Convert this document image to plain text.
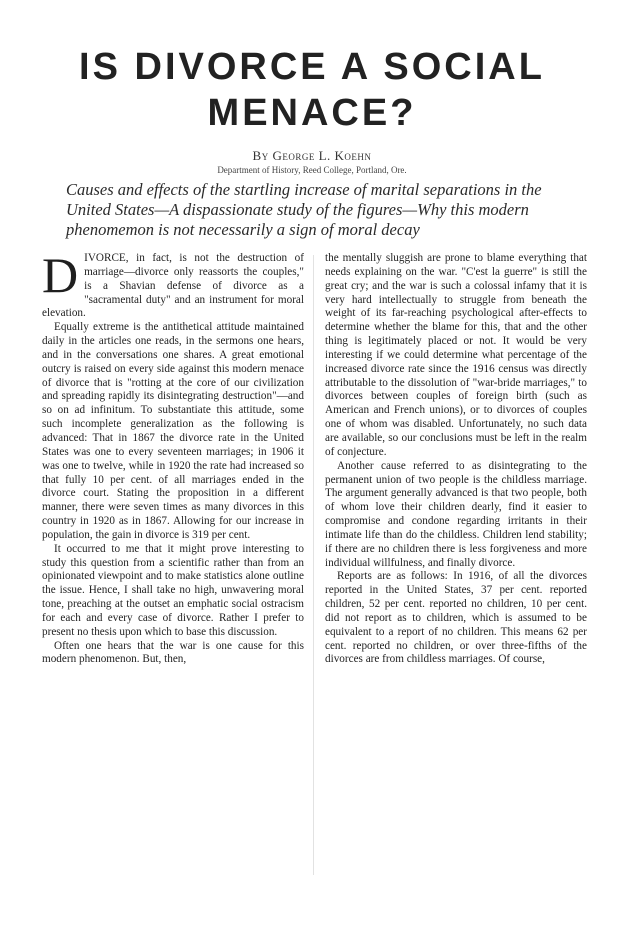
IS DIVORCE A SOCIAL
MENACE?
By George L. Koehn
Department of History, Reed College, Portland, Ore.
Causes and effects of the startling increase of marital separations in the United States—A dispassionate study of the figures—Why this modern phenomemon is not necessarily a sign of moral decay

DIVORCE, in fact, is not the destruction of marriage—divorce only reassorts the couples," is a Shavian defense of divorce as a "sacramental duty" and an instrument for moral elevation.

Equally extreme is the antithetical attitude maintained daily in the articles one reads, in the sermons one hears, and in the conversations one shares. A great emotional outcry is raised on every side against this modern menace of divorce that is "rotting at the core of our civilization and spreading rapidly its disintegrating destruction"—and so on ad infinitum. To substantiate this attitude, some such incomplete generalization as the following is advanced: That in 1867 the divorce rate in the United States was one to every seventeen marriages; in 1906 it was one to twelve, while in 1920 the rate had increased so that fully 10 per cent. of all marriages ended in the divorce court. Stating the proposition in a different manner, there were seven times as many divorces in this country in 1920 as in 1867. Allowing for our increase in population, the gain in divorce is 319 per cent.

It occurred to me that it might prove interesting to study this question from a scientific rather than from an opinionated viewpoint and to make statistics alone outline the issue. Hence, I shall take no high, unwavering moral tone, preaching at the outset an emphatic social ostracism for each and every case of divorce. Rather I prefer to present no thesis upon which to base this discussion.

Often one hears that the war is one cause for this modern phenomenon. But, then,

the mentally sluggish are prone to blame everything that needs explaining on the war. "C'est la guerre" is still the great cry; and the war is such a colossal infamy that it is very hard intellectually to struggle from beneath the weight of its far-reaching psychological after-effects to determine whether the blame for this, that and the other thing is legitimately placed or not. It would be very interesting if we could determine what percentage of the increased divorce rate since the 1916 census was directly attributable to the dissolution of "war-bride marriages," to divorces between couples of foreign birth (such as American and French unions), or to divorces of couples one of whom was disabled. Unfortunately, no such data are available, so our conclusions must be left in the realm of conjecture.

Another cause referred to as disintegrating to the permanent union of two people is the childless marriage. The argument generally advanced is that two people, both of whom love their children dearly, find it easier to compromise and condone regarding irritants in their intimate life than do the childless. Children lend stability; if there are no children there is less forgiveness and more individual willfulness, and finally divorce.

Reports are as follows: In 1916, of all the divorces reported in the United States, 37 per cent. reported children, 52 per cent. reported no children, 10 per cent. did not report as to children, which is assumed to be equivalent to a report of no children. This means 62 per cent. reported no children, or over three-fifths of the divorces are from childless marriages. Of course,
